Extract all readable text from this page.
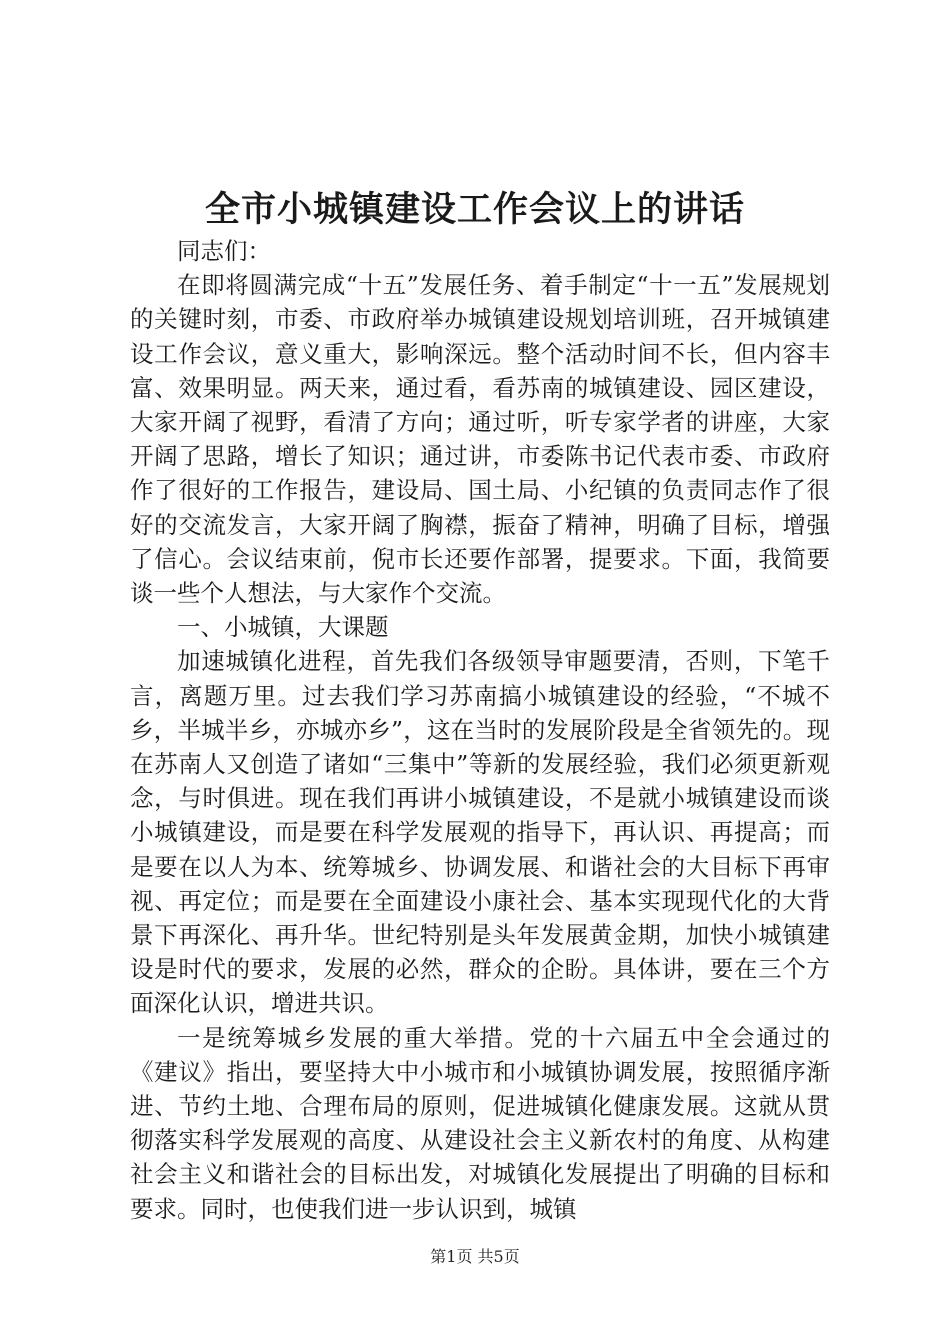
全市小城镇建设工作会议上的讲话

同志们：

在即将圆满完成“十五”发展任务、着手制定“十一五”发展规划的关键时刻，市委、市政府举办城镇建设规划培训班，召开城镇建设工作会议，意义重大，影响深远。整个活动时间不长，但内容丰富、效果明显。两天来，通过看，看苏南的城镇建设、园区建设，大家开阔了视野，看清了方向；通过听，听专家学者的讲座，大家开阔了思路，增长了知识；通过讲，市委陈书记代表市委、市政府作了很好的工作报告，建设局、国土局、小纪镇的负责同志作了很好的交流发言，大家开阔了胸襟，振奋了精神，明确了目标，增强了信心。会议结束前，倪市长还要作部署，提要求。下面，我简要谈一些个人想法，与大家作个交流。

一、小城镇，大课题

加速城镇化进程，首先我们各级领导审题要清，否则，下笔千言，离题万里。过去我们学习苏南搞小城镇建设的经验，“不城不乡，半城半乡，亦城亦乡”，这在当时的发展阶段是全省领先的。现在苏南人又创造了诸如“三集中”等新的发展经验，我们必须更新观念，与时俱进。现在我们再讲小城镇建设，不是就小城镇建设而谈小城镇建设，而是要在科学发展观的指导下，再认识、再提高；而是要在以人为本、统筹城乡、协调发展、和谐社会的大目标下再审视、再定位；而是要在全面建设小康社会、基本实现现代化的大背景下再深化、再升华。世纪特别是头年发展黄金期，加快小城镇建设是时代的要求，发展的必然，群众的企盼。具体讲，要在三个方面深化认识，增进共识。

一是统筹城乡发展的重大举措。党的十六届五中全会通过的《建议》指出，要坚持大中小城市和小城镇协调发展，按照循序渐进、节约土地、合理布局的原则，促进城镇化健康发展。这就从贯彻落实科学发展观的高度、从建设社会主义新农村的角度、从构建社会主义和谐社会的目标出发，对城镇化发展提出了明确的目标和要求。同时，也使我们进一步认识到，城镇

第1页 共5页
